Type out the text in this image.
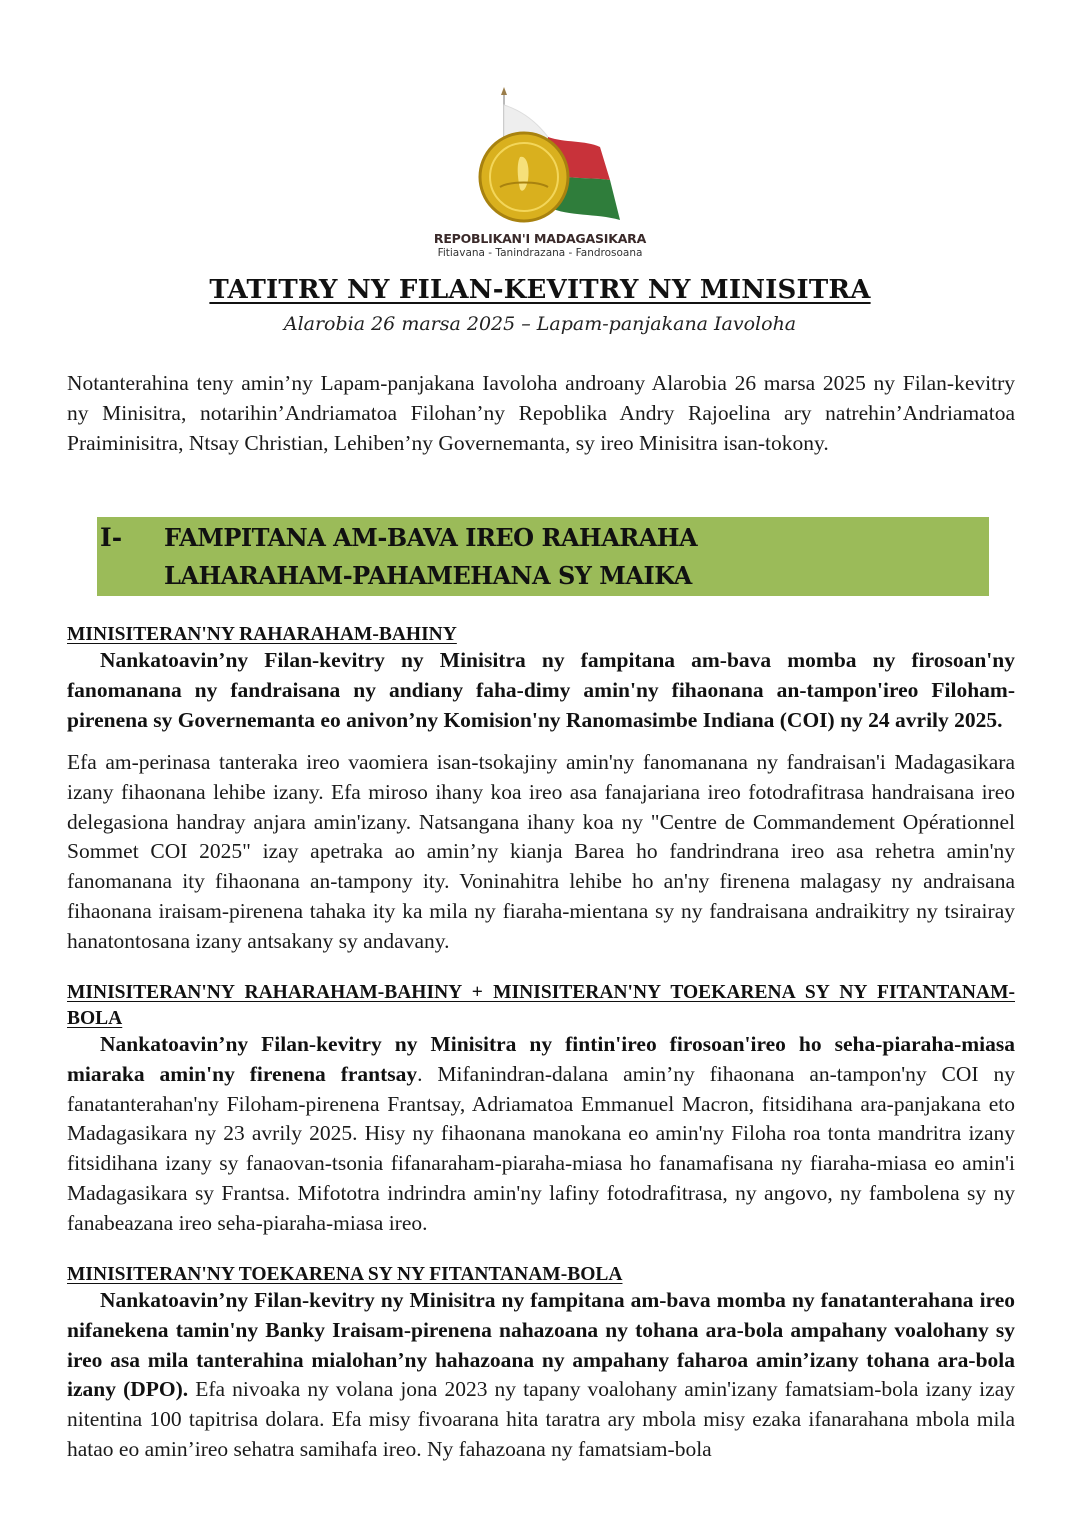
REPOBLIKAN'I MADAGASIKARA
Fitiavana - Tanindrazana - Fandrosoana
TATITRY NY FILAN-KEVITRY NY MINISITRA
Alarobia 26 marsa 2025 – Lapam-panjakana Iavoloha
Notanterahina teny amin’ny Lapam-panjakana Iavoloha androany Alarobia 26 marsa 2025 ny Filan-kevitry ny Minisitra, notarihin’Andriamatoa Filohan’ny Repoblika Andry Rajoelina ary natrehin’Andriamatoa Praiminisitra, Ntsay Christian, Lehiben’ny Governemanta, sy ireo Minisitra isan-tokony.
I- FAMPITANA AM-BAVA IREO RAHARAHA
LAHARAHAM-PAHAMEHANA SY MAIKA
MINISITERAN'NY RAHARAHAM-BAHINY
Nankatoavin’ny Filan-kevitry ny Minisitra ny fampitana am-bava momba ny firosoan'ny fanomanana ny fandraisana ny andiany faha-dimy amin'ny fihaonana an-tampon'ireo Filoham-pirenena sy Governemanta eo anivon’ny Komision'ny Ranomasimbe Indiana (COI) ny 24 avrily 2025.
Efa am-perinasa tanteraka ireo vaomiera isan-tsokajiny amin'ny fanomanana ny fandraisan'i Madagasikara izany fihaonana lehibe izany. Efa miroso ihany koa ireo asa fanajariana ireo fotodrafitrasa handraisana ireo delegasiona handray anjara amin'izany. Natsangana ihany koa ny "Centre de Commandement Opérationnel Sommet COI 2025" izay apetraka ao amin’ny kianja Barea ho fandrindrana ireo asa rehetra amin'ny fanomanana ity fihaonana an-tampony ity. Voninahitra lehibe ho an'ny firenena malagasy ny andraisana fihaonana iraisam-pirenena tahaka ity ka mila ny fiaraha-mientana sy ny fandraisana andraikitry ny tsirairay hanatontosana izany antsakany sy andavany.
MINISITERAN'NY RAHARAHAM-BAHINY + MINISITERAN'NY TOEKARENA SY NY FITANTANAM-BOLA
Nankatoavin’ny Filan-kevitry ny Minisitra ny fintin'ireo firosoan'ireo ho seha-piaraha-miasa miaraka amin'ny firenena frantsay. Mifanindran-dalana amin’ny fihaonana an-tampon'ny COI ny fanatanterahan'ny Filoham-pirenena Frantsay, Adriamatoa Emmanuel Macron, fitsidihana ara-panjakana eto Madagasikara ny 23 avrily 2025. Hisy ny fihaonana manokana eo amin'ny Filoha roa tonta mandritra izany fitsidihana izany sy fanaovan-tsonia fifanaraham-piaraha-miasa ho fanamafisana ny fiaraha-miasa eo amin'i Madagasikara sy Frantsa. Mifototra indrindra amin'ny lafiny fotodrafitrasa, ny angovo, ny fambolena sy ny fanabeazana ireo seha-piaraha-miasa ireo.
MINISITERAN'NY TOEKARENA SY NY FITANTANAM-BOLA
Nankatoavin’ny Filan-kevitry ny Minisitra ny fampitana am-bava momba ny fanatanterahana ireo nifanekena tamin'ny Banky Iraisam-pirenena nahazoana ny tohana ara-bola ampahany voalohany sy ireo asa mila tanterahina mialohan’ny hahazoana ny ampahany faharoa amin’izany tohana ara-bola izany (DPO). Efa nivoaka ny volana jona 2023 ny tapany voalohany amin'izany famatsiam-bola izany izay nitentina 100 tapitrisa dolara. Efa misy fivoarana hita taratra ary mbola misy ezaka ifanarahana mbola mila hatao eo amin’ireo sehatra samihafa ireo. Ny fahazoana ny famatsiam-bola
